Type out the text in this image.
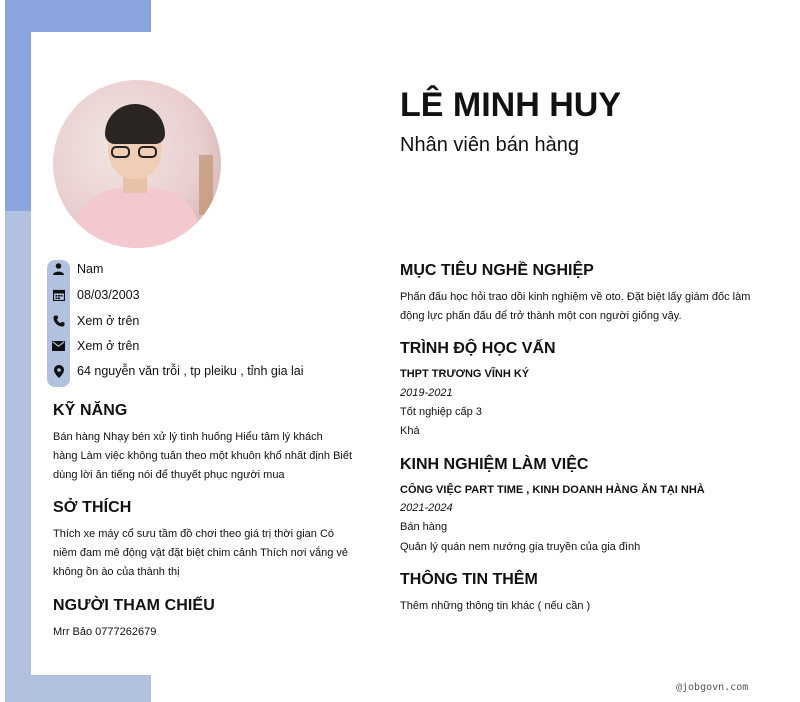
Nam
08/03/2003
Xem ở trên
Xem ở trên
64 nguyễn văn trỗi , tp pleiku , tỉnh gia lai
KỸ NĂNG
Bán hàng Nhạy bén xử lý tình huống Hiểu tâm lý khách
hàng Làm việc không tuân theo một khuôn khổ nhất định Biết
dùng lời ăn tiếng nói để thuyết phục người mua
SỞ THÍCH
Thích xe máy cổ sưu tầm đồ chơi theo giá trị thời gian Có
niềm đam mê động vật đặt biệt chim cảnh Thích nơi vắng vẻ
không ồn ào của thành thị
NGƯỜI THAM CHIẾU
Mrr Bảo 0777262679
LÊ MINH HUY
Nhân viên bán hàng
MỤC TIÊU NGHỀ NGHIỆP
Phấn đấu học hỏi trao dồi kinh nghiệm về oto. Đặt biệt lấy giám đốc làm
động lực phấn đấu để trở thành một con người giống vậy.
TRÌNH ĐỘ HỌC VẤN
THPT TRƯƠNG VĨNH KÝ
2019-2021
Tốt nghiệp cấp 3
Khá
KINH NGHIỆM LÀM VIỆC
CÔNG VIỆC PART TIME , KINH DOANH HÀNG ĂN TẠI NHÀ
2021-2024
Bán hàng
Quản lý quán nem nướng gia truyền của gia đình
THÔNG TIN THÊM
Thêm những thông tin khác ( nếu cần )
@jobgovn.com
